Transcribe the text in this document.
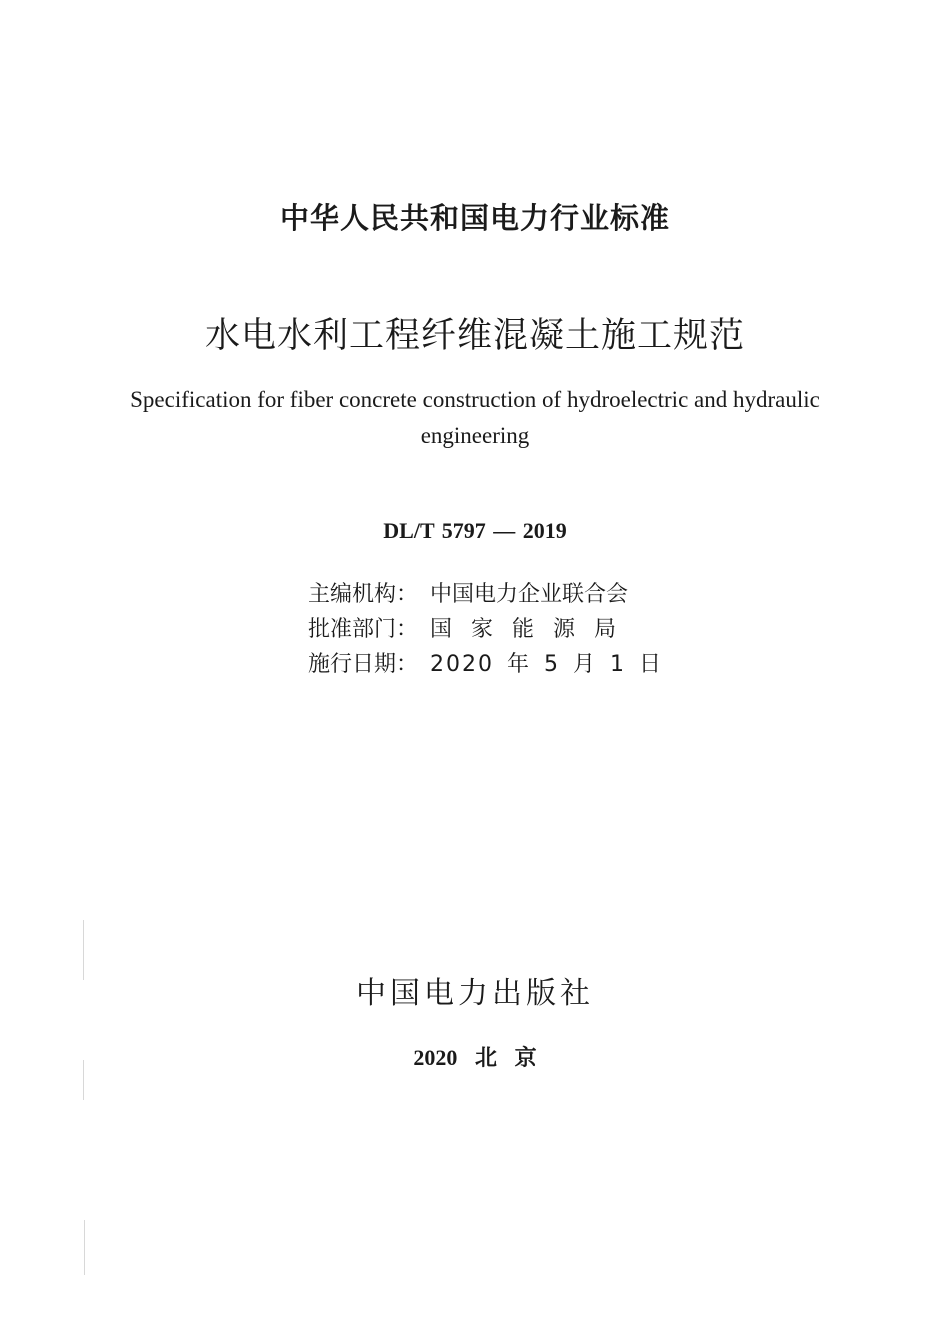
中华人民共和国电力行业标准
水电水利工程纤维混凝土施工规范
Specification for fiber concrete construction of hydroelectric and hydraulic engineering
DL/T 5797 — 2019
主编机构： 中国电力企业联合会
批准部门： 国家能源局
施行日期： 2020 年 5 月 1 日
中国电力出版社
2020 北 京
